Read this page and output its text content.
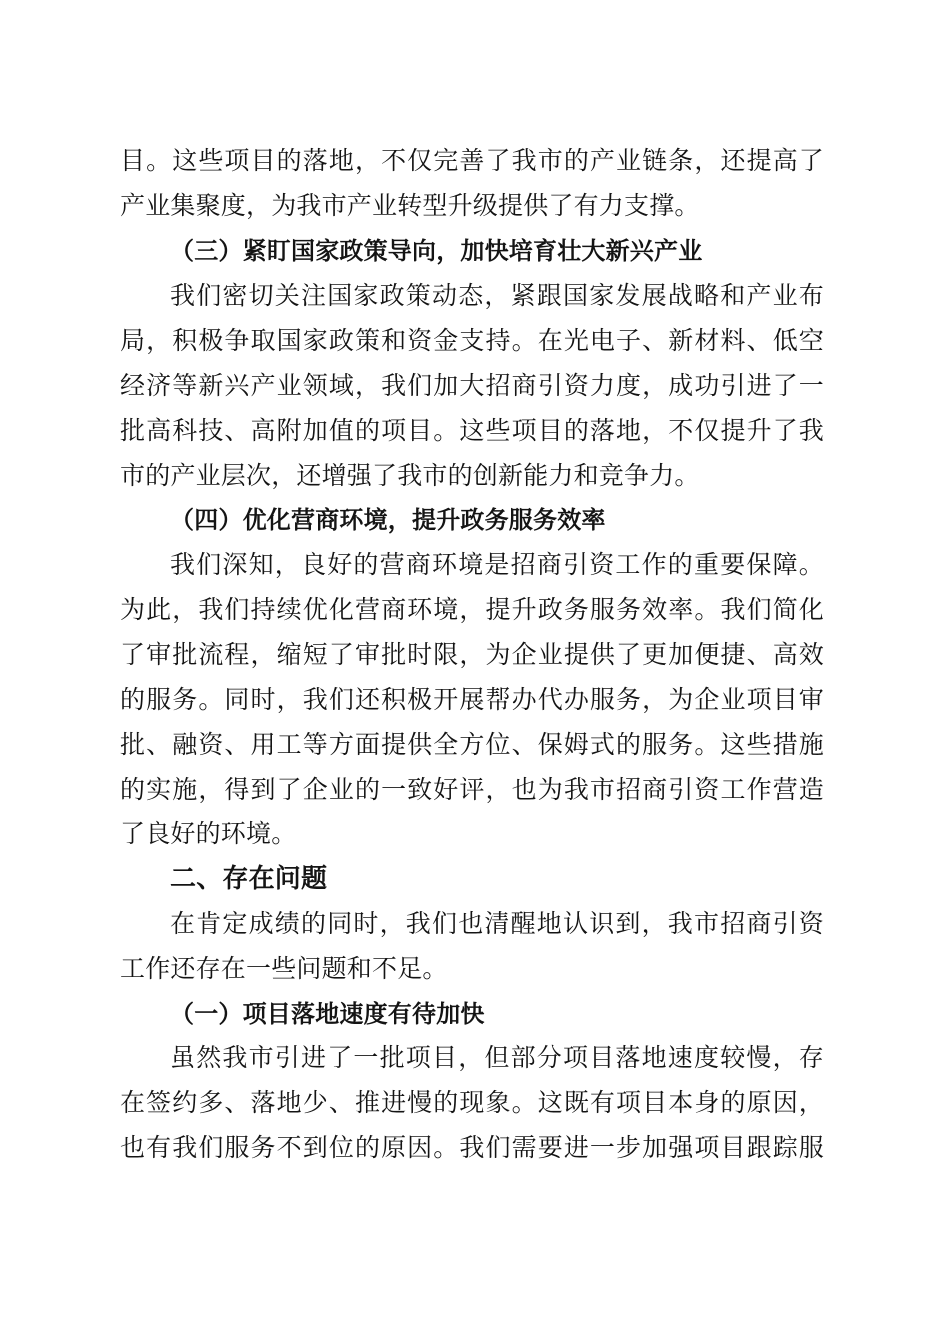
目。这些项目的落地，不仅完善了我市的产业链条，还提高了
产业集聚度，为我市产业转型升级提供了有力支撑。
（三）紧盯国家政策导向，加快培育壮大新兴产业
我们密切关注国家政策动态，紧跟国家发展战略和产业布
局，积极争取国家政策和资金支持。在光电子、新材料、低空
经济等新兴产业领域，我们加大招商引资力度，成功引进了一
批高科技、高附加值的项目。这些项目的落地，不仅提升了我
市的产业层次，还增强了我市的创新能力和竞争力。
（四）优化营商环境，提升政务服务效率
我们深知，良好的营商环境是招商引资工作的重要保障。
为此，我们持续优化营商环境，提升政务服务效率。我们简化
了审批流程，缩短了审批时限，为企业提供了更加便捷、高效
的服务。同时，我们还积极开展帮办代办服务，为企业项目审
批、融资、用工等方面提供全方位、保姆式的服务。这些措施
的实施，得到了企业的一致好评，也为我市招商引资工作营造
了良好的环境。
二、存在问题
在肯定成绩的同时，我们也清醒地认识到，我市招商引资
工作还存在一些问题和不足。
（一）项目落地速度有待加快
虽然我市引进了一批项目，但部分项目落地速度较慢，存
在签约多、落地少、推进慢的现象。这既有项目本身的原因，
也有我们服务不到位的原因。我们需要进一步加强项目跟踪服
